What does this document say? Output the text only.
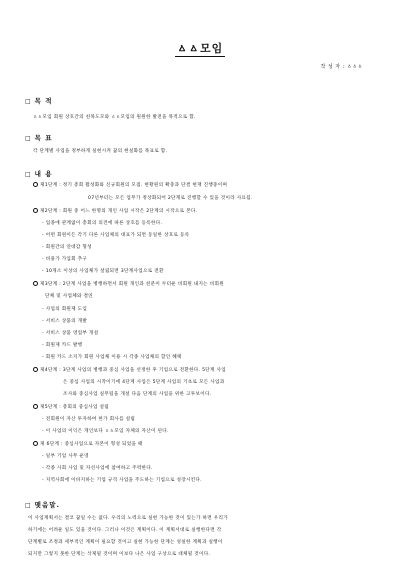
ㅿㅿ모임
작 성 자 : ㅿㅿㅿ
□ 목 적
ㅿㅿ모임 회원 상호간의 친목도모와 ㅿㅿ모임의 원원한 발전을 목적으로 함.
□ 목 표
각 단계별 사업을 정부하게 실현시켜 꿈의 현실화를 목표로 함.
□ 내 용
제1단계 : 정기 총회 활성화와 신규회원의 모집. 현황원의 확충과 단결 현재 진행중이며
07년부터는 모든 업무가 정상화되어 2단계로 진행할 수 있을 것이라 사료됨.
제2단계 : 회원 중 어느 한명의 개인 사업 시작은 2단계의 시작으로 본다.
- 업종에 관계없이 총회의 의견에 따른 상호를 등록한다.
- 어떤 회원이든 각기 다른 사업체의 대표가 되면 동일한 상호로 등록
- 회원간의 연대감 형성
- 비용가 가입회 추구
- 10개소 이상의 사업체가 설립되면 3단계사업으로 전환
제3단계 : 2단계 사업을 병행하면서 회원 개인과 친분이 두터운 비회원 내지는 비회원
단체 및 사업체와 결연
- 사업의 회원제 도입
- 서비스 상품의 개발
- 서비스 상품 영업부 개설
- 회원제 카드 발행
- 회원 카드 소지가 회원 사업체 이용 시 각종 사업체의 할인 혜택
제4단계 : 3단계 사업의 병행과 중심 사업을 선정한 후 기업으로 전환한다. 5단계 사업
은 중심 사업의 시작이기에 4단계 사업은 5단계 사업의 기초로 모든 사업과
조사와 중심사업 실무팀을 개설 다음 단계의 사업을 위한 고투보이다.
제5단계 : 총회의 중심사업 설립
- 전회원이 자산 투자하여 한가 회사를 설립
- 이 사업의 이익은 개인보다 ㅿㅿ모임 자체의 자산이 된다.
제 6단계 : 중심사업으로 자본이 형성 되었을 때
- 일부 기업 사무 운영
- 각종 사회 사업 및 자선사업에 참여하고 주력한다.
- 지역사회에 이바지하는 기업 규격 사업을 주도하는 기업으로 성장시킨다.
□ 맺음말.
이 사업계획서는 결코 꿈일 수는 없다. 우리의 노력으로 실현 가능한 것이 있는가 하면 우리가
하기에는 어려운 일도 있을 것이다. 그러나 이것은 계획이다. 이 계획서대로 실행한다면 각
단계별로 조정과 세부적인 계획이 필요할 것이고 실현 가능한 단계는 성실한 계획과 실행이
되지만 그렇지 못한 단계는 삭제될 것이며 이보다 나은 사업 구상으로 대체될 것이다.
